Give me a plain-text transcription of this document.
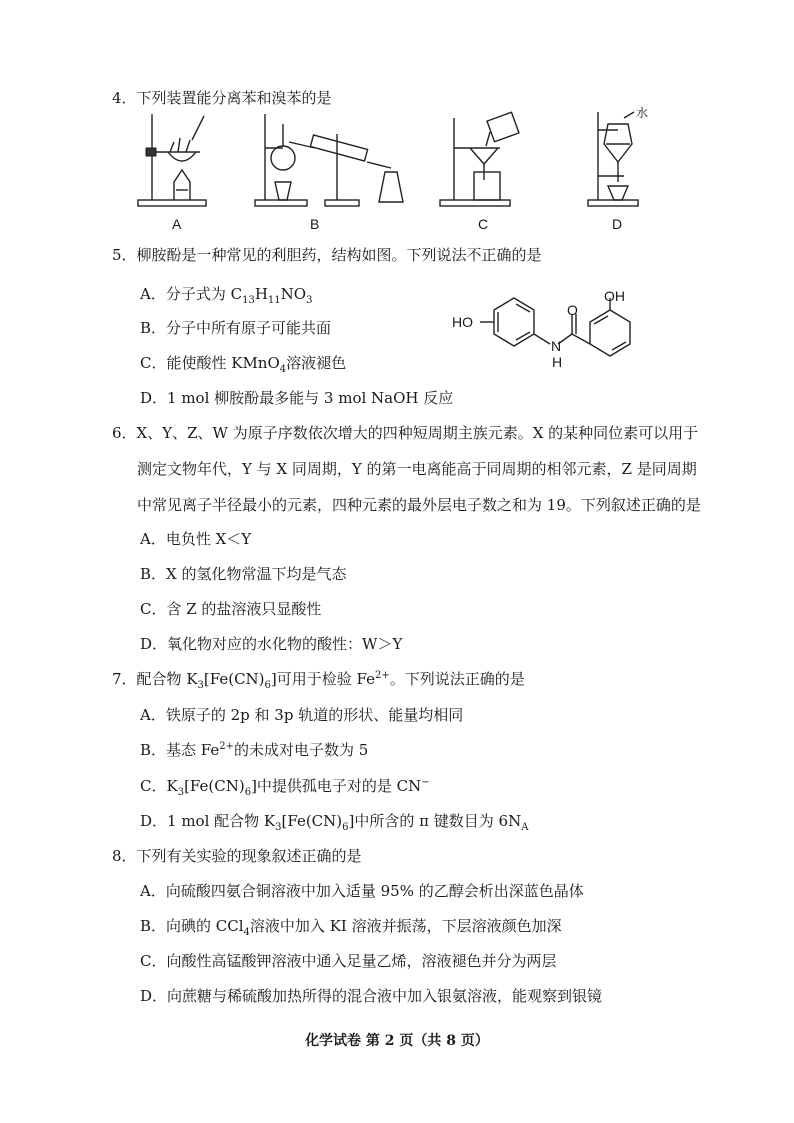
4．下列装置能分离苯和溴苯的是
A	B	C
水
D
5．柳胺酚是一种常见的利胆药，结构如图。下列说法不正确的是
A．分子式为 $C_{13}H_{11}NO_3$
B．分子中所有原子可能共面
C．能使酸性 KMnO$_4$溶液褪色
D．1 mol 柳胺酚最多能与 3 mol NaOH 反应
HO
OH
O
N
H
6．X、Y、Z、W 为原子序数依次增大的四种短周期主族元素。X 的某种同位素可以用于
测定文物年代，Y 与 X 同周期，Y 的第一电离能高于同周期的相邻元素，Z 是同周期
中常见离子半径最小的元素，四种元素的最外层电子数之和为 19。下列叙述正确的是
A．电负性 X＜Y
B．X 的氢化物常温下均是气态
C．含 Z 的盐溶液只显酸性
D．氧化物对应的水化物的酸性：W＞Y
7．配合物 $K_3[Fe(CN)_6]$可用于检验 $Fe^{2+}$。下列说法正确的是
A．铁原子的 2p 和 3p 轨道的形状、能量均相同
B．基态 $Fe^{2+}$的未成对电子数为 5
C．$K_3[Fe(CN)_6]$中提供孤电子对的是 CN−
D．1 mol 配合物 $K_3[Fe(CN)_6]$中所含的 π 键数目为 $6N_A$
8．下列有关实验的现象叙述正确的是
A．向硫酸四氨合铜溶液中加入适量 95% 的乙醇会析出深蓝色晶体
B．向碘的 CCl$_4$溶液中加入 KI 溶液并振荡，下层溶液颜色加深
C．向酸性高锰酸钾溶液中通入足量乙烯，溶液褪色并分为两层
D．向蔗糖与稀硫酸加热所得的混合液中加入银氨溶液，能观察到银镜
化学试卷 第 2 页（共 8 页）
